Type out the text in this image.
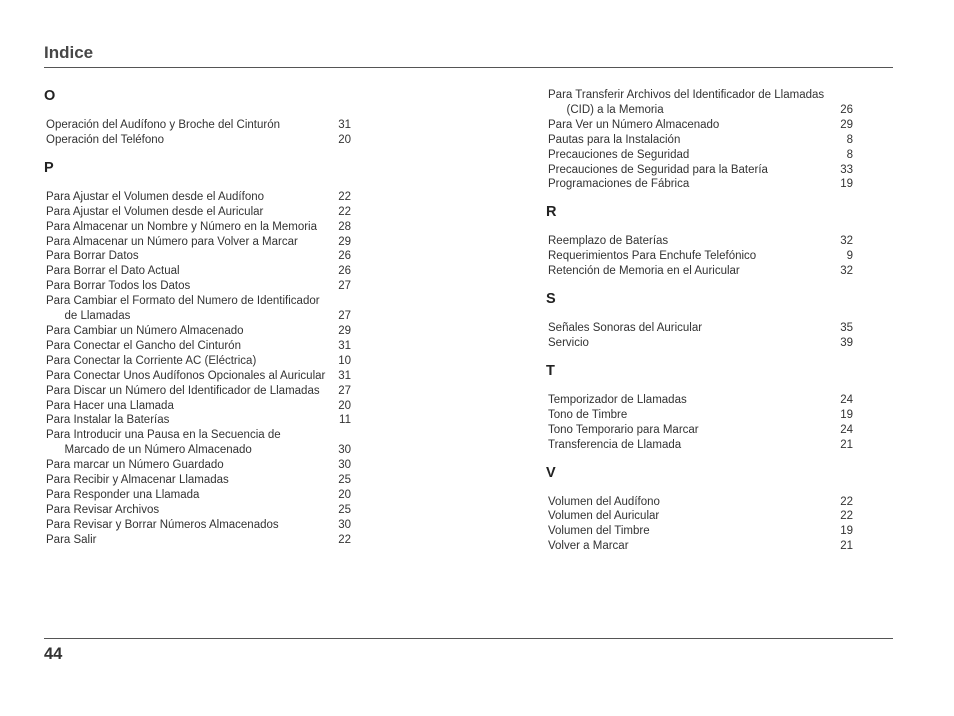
Indice
O
Operación del Audífono y Broche del Cinturón	31
Operación del Teléfono	20
P
Para Ajustar el Volumen desde el Audífono	22
Para Ajustar el Volumen desde el Auricular	22
Para Almacenar un Nombre y Número en la Memoria	28
Para Almacenar un Número para Volver a Marcar	29
Para Borrar Datos	26
Para Borrar el Dato Actual	26
Para Borrar Todos los Datos	27
Para Cambiar el Formato del Numero de Identificador
de Llamadas	27
Para Cambiar un Número Almacenado	29
Para Conectar el Gancho del Cinturón	31
Para Conectar la Corriente AC (Eléctrica)	10
Para Conectar Unos Audífonos Opcionales al Auricular	31
Para Discar un Número del Identificador de Llamadas	27
Para Hacer una Llamada	20
Para Instalar la Baterías	11
Para Introducir una Pausa en la Secuencia de
Marcado de un Número Almacenado	30
Para marcar un Número Guardado	30
Para Recibir y Almacenar Llamadas	25
Para Responder una Llamada	20
Para Revisar Archivos	25
Para Revisar y Borrar Números Almacenados	30
Para Salir	22
Para Transferir Archivos del Identificador de Llamadas
(CID) a la Memoria	26
Para Ver un Número Almacenado	29
Pautas para la Instalación	8
Precauciones de Seguridad	8
Precauciones de Seguridad para la Batería	33
Programaciones de Fábrica	19
R
Reemplazo de Baterías	32
Requerimientos Para Enchufe Telefónico	9
Retención de Memoria en el Auricular	32
S
Señales Sonoras del Auricular	35
Servicio	39
T
Temporizador de Llamadas	24
Tono de Timbre	19
Tono Temporario para Marcar	24
Transferencia de Llamada	21
V
Volumen del Audífono	22
Volumen del Auricular	22
Volumen del Timbre	19
Volver a Marcar	21
44
